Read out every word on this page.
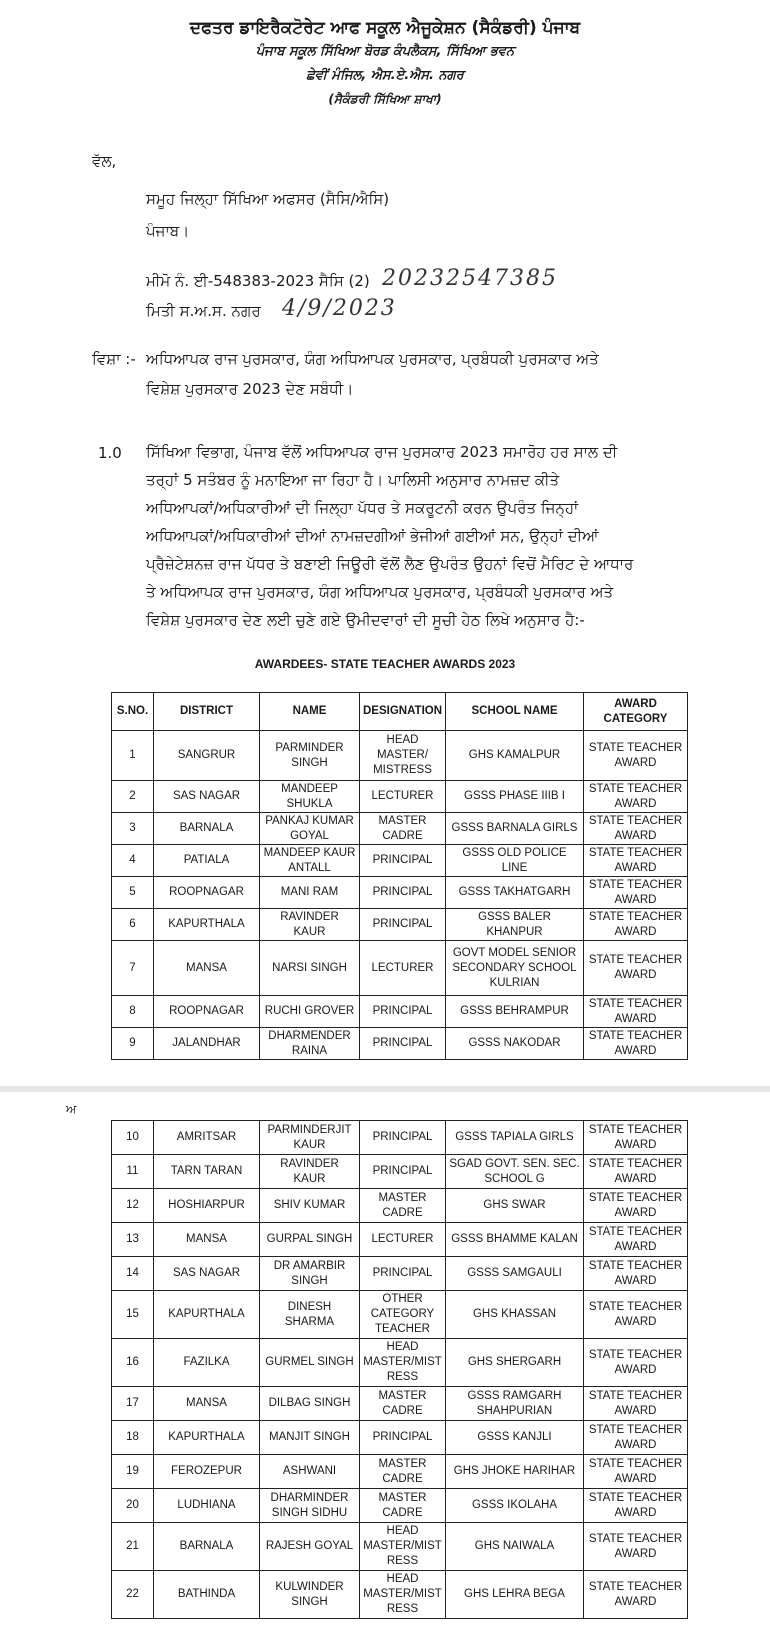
ਦਫਤਰ ਡਾਇਰੈਕਟੋਰੇਟ ਆਫ ਸਕੂਲ ਐਜੂਕੇਸ਼ਨ (ਸੈਕੰਡਰੀ) ਪੰਜਾਬ
ਪੰਜਾਬ ਸਕੂਲ ਸਿੱਖਿਆ ਬੋਰਡ ਕੰਪਲੈਕਸ, ਸਿੱਖਿਆ ਭਵਨ
ਛੇਵੀਂ ਮੰਜਿਲ, ਐਸ.ਏ.ਐਸ. ਨਗਰ
(ਸੈਕੰਡਰੀ ਸਿੱਖਿਆ ਸ਼ਾਖਾ)
ਵੱਲ,
ਸਮੂਹ ਜਿਲ੍ਹਾ ਸਿੱਖਿਆ ਅਫਸਰ (ਸੈਸਿ/ਐਸਿ)
ਪੰਜਾਬ।
ਮੀਮੋ ਨੰ. ਈ-548383-2023 ਸੈਸਿ (2) 20232547385
ਮਿਤੀ ਸ.ਅ.ਸ. ਨਗਰ 4/9/2023
ਵਿਸ਼ਾ :- ਅਧਿਆਪਕ ਰਾਜ ਪੁਰਸਕਾਰ, ਯੰਗ ਅਧਿਆਪਕ ਪੁਰਸਕਾਰ, ਪ੍ਰਬੰਧਕੀ ਪੁਰਸਕਾਰ ਅਤੇ
ਵਿਸ਼ੇਸ਼ ਪੁਰਸਕਾਰ 2023 ਦੇਣ ਸਬੰਧੀ।
1.0 ਸਿੱਖਿਆ ਵਿਭਾਗ, ਪੰਜਾਬ ਵੱਲੋਂ ਅਧਿਆਪਕ ਰਾਜ ਪੁਰਸਕਾਰ 2023 ਸਮਾਰੋਹ ਹਰ ਸਾਲ ਦੀ
ਤਰ੍ਹਾਂ 5 ਸਤੰਬਰ ਨੂੰ ਮਨਾਇਆ ਜਾ ਰਿਹਾ ਹੈ। ਪਾਲਿਸੀ ਅਨੁਸਾਰ ਨਾਮਜ਼ਦ ਕੀਤੇ
ਅਧਿਆਪਕਾਂ/ਅਧਿਕਾਰੀਆਂ ਦੀ ਜਿਲ੍ਹਾ ਪੱਧਰ ਤੇ ਸਕਰੂਟਨੀ ਕਰਨ ਉਪਰੰਤ ਜਿਨ੍ਹਾਂ
ਅਧਿਆਪਕਾਂ/ਅਧਿਕਾਰੀਆਂ ਦੀਆਂ ਨਾਮਜ਼ਦਗੀਆਂ ਭੇਜੀਆਂ ਗਈਆਂ ਸਨ, ਉਨ੍ਹਾਂ ਦੀਆਂ
ਪ੍ਰੈਜ਼ੇਟੇਸ਼ਨਜ਼ ਰਾਜ ਪੱਧਰ ਤੇ ਬਣਾਈ ਜਿਊਰੀ ਵੱਲੋਂ ਲੈਣ ਉਪਰੰਤ ਉਹਨਾਂ ਵਿਚੋਂ ਮੈਰਿਟ ਦੇ ਆਧਾਰ
ਤੇ ਅਧਿਆਪਕ ਰਾਜ ਪੁਰਸਕਾਰ, ਯੰਗ ਅਧਿਆਪਕ ਪੁਰਸਕਾਰ, ਪ੍ਰਬੰਧਕੀ ਪੁਰਸਕਾਰ ਅਤੇ
ਵਿਸ਼ੇਸ਼ ਪੁਰਸਕਾਰ ਦੇਣ ਲਈ ਚੁਣੇ ਗਏ ਉਮੀਦਵਾਰਾਂ ਦੀ ਸੂਚੀ ਹੇਠ ਲਿਖੇ ਅਨੁਸਾਰ ਹੈ:-
AWARDEES- STATE TEACHER AWARDS 2023
S.NO.	DISTRICT	NAME	DESIGNATION	SCHOOL NAME	AWARD CATEGORY
1	SANGRUR	PARMINDER SINGH	HEAD MASTER/ MISTRESS	GHS KAMALPUR	STATE TEACHER AWARD
2	SAS NAGAR	MANDEEP SHUKLA	LECTURER	GSSS PHASE IIIB I	STATE TEACHER AWARD
3	BARNALA	PANKAJ KUMAR GOYAL	MASTER CADRE	GSSS BARNALA GIRLS	STATE TEACHER AWARD
4	PATIALA	MANDEEP KAUR ANTALL	PRINCIPAL	GSSS OLD POLICE LINE	STATE TEACHER AWARD
5	ROOPNAGAR	MANI RAM	PRINCIPAL	GSSS TAKHATGARH	STATE TEACHER AWARD
6	KAPURTHALA	RAVINDER KAUR	PRINCIPAL	GSSS BALER KHANPUR	STATE TEACHER AWARD
7	MANSA	NARSI SINGH	LECTURER	GOVT MODEL SENIOR SECONDARY SCHOOL KULRIAN	STATE TEACHER AWARD
8	ROOPNAGAR	RUCHI GROVER	PRINCIPAL	GSSS BEHRAMPUR	STATE TEACHER AWARD
9	JALANDHAR	DHARMENDER RAINA	PRINCIPAL	GSSS NAKODAR	STATE TEACHER AWARD
ਅ
10	AMRITSAR	PARMINDERJIT KAUR	PRINCIPAL	GSSS TAPIALA GIRLS	STATE TEACHER AWARD
11	TARN TARAN	RAVINDER KAUR	PRINCIPAL	SGAD GOVT. SEN. SEC. SCHOOL G	STATE TEACHER AWARD
12	HOSHIARPUR	SHIV KUMAR	MASTER CADRE	GHS SWAR	STATE TEACHER AWARD
13	MANSA	GURPAL SINGH	LECTURER	GSSS BHAMME KALAN	STATE TEACHER AWARD
14	SAS NAGAR	DR AMARBIR SINGH	PRINCIPAL	GSSS SAMGAULI	STATE TEACHER AWARD
15	KAPURTHALA	DINESH SHARMA	OTHER CATEGORY TEACHER	GHS KHASSAN	STATE TEACHER AWARD
16	FAZILKA	GURMEL SINGH	HEAD MASTER/MIST RESS	GHS SHERGARH	STATE TEACHER AWARD
17	MANSA	DILBAG SINGH	MASTER CADRE	GSSS RAMGARH SHAHPURIAN	STATE TEACHER AWARD
18	KAPURTHALA	MANJIT SINGH	PRINCIPAL	GSSS KANJLI	STATE TEACHER AWARD
19	FEROZEPUR	ASHWANI	MASTER CADRE	GHS JHOKE HARIHAR	STATE TEACHER AWARD
20	LUDHIANA	DHARMINDER SINGH SIDHU	MASTER CADRE	GSSS IKOLAHA	STATE TEACHER AWARD
21	BARNALA	RAJESH GOYAL	HEAD MASTER/MIST RESS	GHS NAIWALA	STATE TEACHER AWARD
22	BATHINDA	KULWINDER SINGH	HEAD MASTER/MIST RESS	GHS LEHRA BEGA	STATE TEACHER AWARD
